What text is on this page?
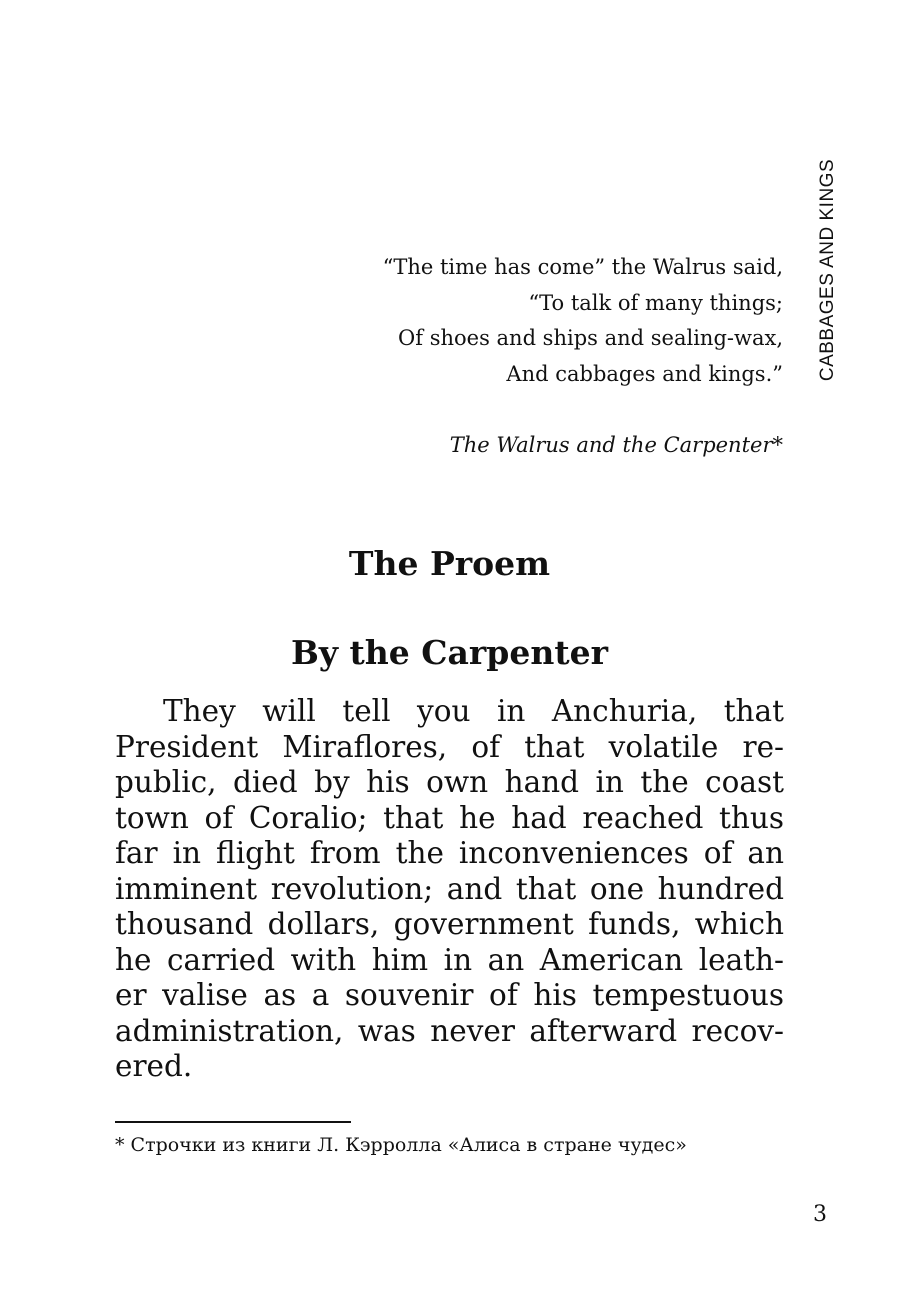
CABBAGES AND KINGS
“The time has come” the Walrus said,
“To talk of many things;
Of shoes and ships and sealing-wax,
And cabbages and kings.”
The Walrus and the Carpenter*
The Proem
By the Carpenter
They will tell you in Anchuria, that
President Miraflores, of that volatile re-
public, died by his own hand in the coast
town of Coralio; that he had reached thus
far in flight from the inconveniences of an
imminent revolution; and that one hundred
thousand dollars, government funds, which
he carried with him in an American leath-
er valise as a souvenir of his tempestuous
administration, was never afterward recov-
ered.
* Строчки из книги Л. Кэрролла «Алиса в стране чудес»
3
